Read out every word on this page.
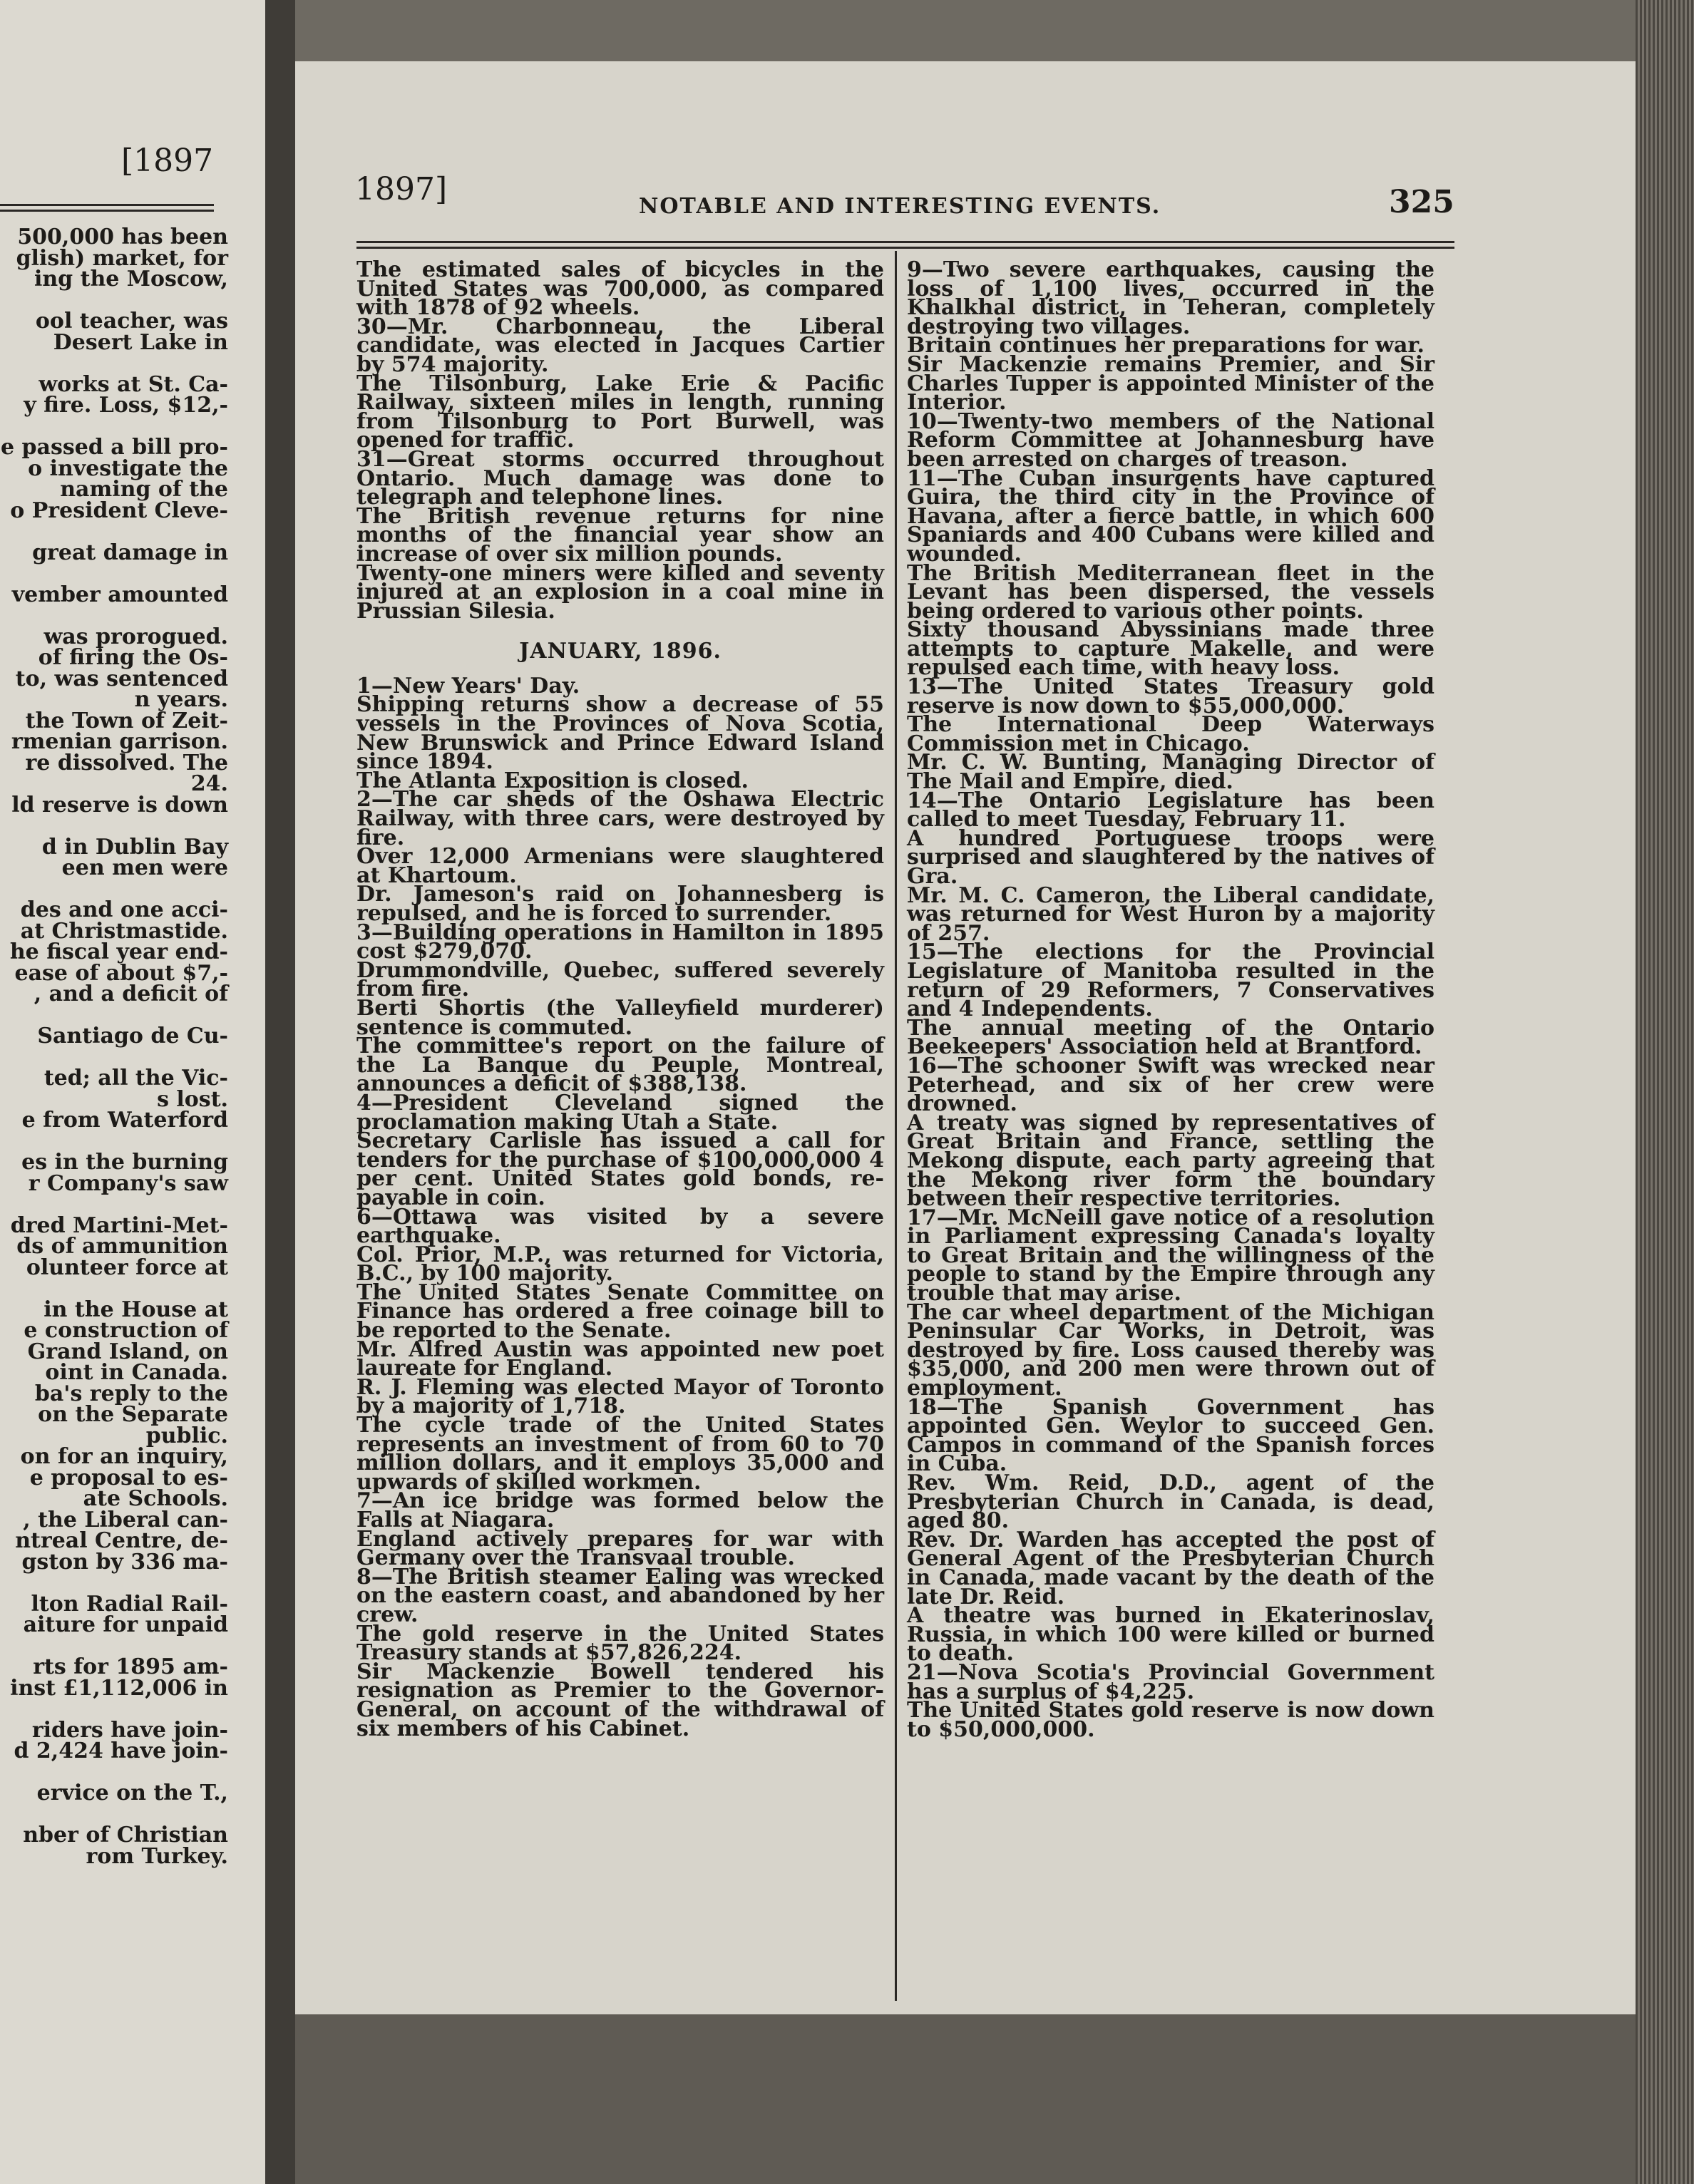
[1897
500,000 has been
glish) market, for
ing the Moscow,
ool teacher, was
Desert Lake in
works at St. Ca-
y fire. Loss, $12,-
e passed a bill pro-
o investigate the
naming of the
o President Cleve-
great damage in
vember amounted
was prorogued.
of firing the Os-
to, was sentenced
n years.
the Town of Zeit-
rmenian garrison.
re dissolved. The
24.
ld reserve is down
d in Dublin Bay
een men were
des and one acci-
at Christmastide.
he fiscal year end-
ease of about $7,-
, and a deficit of
Santiago de Cu-
ted; all the Vic-
s lost.
e from Waterford
es in the burning
r Company's saw
dred Martini-Met-
ds of ammunition
olunteer force at
in the House at
e construction of
Grand Island, on
oint in Canada.
ba's reply to the
on the Separate
public.
on for an inquiry,
e proposal to es-
ate Schools.
, the Liberal can-
ntreal Centre, de-
gston by 336 ma-
lton Radial Rail-
aiture for unpaid
rts for 1895 am-
inst £1,112,006 in
riders have join-
d 2,424 have join-
ervice on the T.,
nber of Christian
rom Turkey.
1897]	NOTABLE AND INTERESTING EVENTS.	325

The estimated sales of bicycles in the United States was 700,000, as compared with 1878 of 92 wheels.

30—Mr. Charbonneau, the Liberal candidate, was elected in Jacques Cartier by 574 majority.

The Tilsonburg, Lake Erie & Pacific Railway, sixteen miles in length, running from Tilsonburg to Port Burwell, was opened for traffic.

31—Great storms occurred throughout Ontario. Much damage was done to telegraph and telephone lines.

The British revenue returns for nine months of the financial year show an increase of over six million pounds.

Twenty-one miners were killed and seventy injured at an explosion in a coal mine in Prussian Silesia.

JANUARY, 1896.

1—New Years' Day.

Shipping returns show a decrease of 55 vessels in the Provinces of Nova Scotia, New Brunswick and Prince Edward Island since 1894.

The Atlanta Exposition is closed.

2—The car sheds of the Oshawa Electric Railway, with three cars, were destroyed by fire.

Over 12,000 Armenians were slaughtered at Khartoum.

Dr. Jameson's raid on Johannesberg is repulsed, and he is forced to surrender.

3—Building operations in Hamilton in 1895 cost $279,070.

Drummondville, Quebec, suffered severely from fire.

Berti Shortis (the Valleyfield murderer) sentence is commuted.

The committee's report on the failure of the La Banque du Peuple, Montreal, announces a deficit of $388,138.

4—President Cleveland signed the proclamation making Utah a State.

Secretary Carlisle has issued a call for tenders for the purchase of $100,000,000 4 per cent. United States gold bonds, re-payable in coin.

6—Ottawa was visited by a severe earthquake.

Col. Prior, M.P., was returned for Victoria, B.C., by 100 majority.

The United States Senate Committee on Finance has ordered a free coinage bill to be reported to the Senate.

Mr. Alfred Austin was appointed new poet laureate for England.

R. J. Fleming was elected Mayor of Toronto by a majority of 1,718.

The cycle trade of the United States represents an investment of from 60 to 70 million dollars, and it employs 35,000 and upwards of skilled workmen.

7—An ice bridge was formed below the Falls at Niagara.

England actively prepares for war with Germany over the Transvaal trouble.

8—The British steamer Ealing was wrecked on the eastern coast, and abandoned by her crew.

The gold reserve in the United States Treasury stands at $57,826,224.

Sir Mackenzie Bowell tendered his resignation as Premier to the Governor-General, on account of the withdrawal of six members of his Cabinet.

9—Two severe earthquakes, causing the loss of 1,100 lives, occurred in the Khalkhal district, in Teheran, completely destroying two villages.

Britain continues her preparations for war.

Sir Mackenzie remains Premier, and Sir Charles Tupper is appointed Minister of the Interior.

10—Twenty-two members of the National Reform Committee at Johannesburg have been arrested on charges of treason.

11—The Cuban insurgents have captured Guira, the third city in the Province of Havana, after a fierce battle, in which 600 Spaniards and 400 Cubans were killed and wounded.

The British Mediterranean fleet in the Levant has been dispersed, the vessels being ordered to various other points.

Sixty thousand Abyssinians made three attempts to capture Makelle, and were repulsed each time, with heavy loss.

13—The United States Treasury gold reserve is now down to $55,000,000.

The International Deep Waterways Commission met in Chicago.

Mr. C. W. Bunting, Managing Director of The Mail and Empire, died.

14—The Ontario Legislature has been called to meet Tuesday, February 11.

A hundred Portuguese troops were surprised and slaughtered by the natives of Gra.

Mr. M. C. Cameron, the Liberal candidate, was returned for West Huron by a majority of 257.

15—The elections for the Provincial Legislature of Manitoba resulted in the return of 29 Reformers, 7 Conservatives and 4 Independents.

The annual meeting of the Ontario Beekeepers' Association held at Brantford.

16—The schooner Swift was wrecked near Peterhead, and six of her crew were drowned.

A treaty was signed by representatives of Great Britain and France, settling the Mekong dispute, each party agreeing that the Mekong river form the boundary between their respective territories.

17—Mr. McNeill gave notice of a resolution in Parliament expressing Canada's loyalty to Great Britain and the willingness of the people to stand by the Empire through any trouble that may arise.

The car wheel department of the Michigan Peninsular Car Works, in Detroit, was destroyed by fire. Loss caused thereby was $35,000, and 200 men were thrown out of employment.

18—The Spanish Government has appointed Gen. Weylor to succeed Gen. Campos in command of the Spanish forces in Cuba.

Rev. Wm. Reid, D.D., agent of the Presbyterian Church in Canada, is dead, aged 80.

Rev. Dr. Warden has accepted the post of General Agent of the Presbyterian Church in Canada, made vacant by the death of the late Dr. Reid.

A theatre was burned in Ekaterinoslav, Russia, in which 100 were killed or burned to death.

21—Nova Scotia's Provincial Government has a surplus of $4,225.

The United States gold reserve is now down to $50,000,000.
